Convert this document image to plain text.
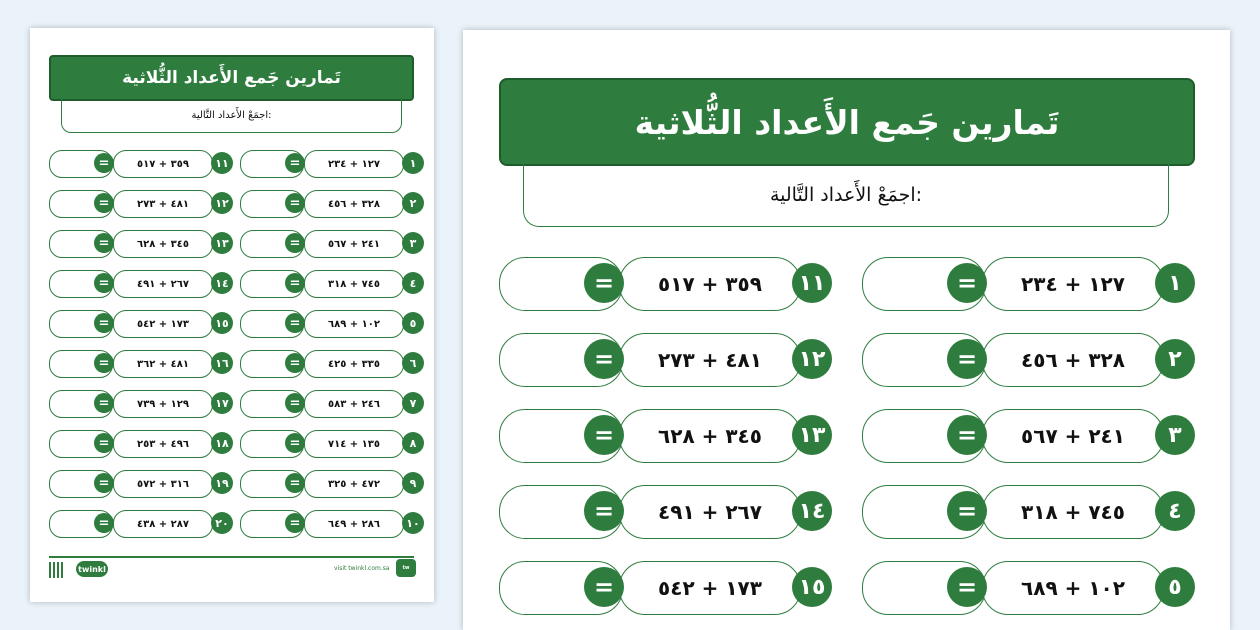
تَمارين جَمع الأَعداد الثُّلاثية
اجمَعْ الأَعداد التَّالية:
١٢٧ + ٢٣٤
=	١
٣٢٨ + ٤٥٦
=	٢
٢٤١ + ٥٦٧
=	٣
٧٤٥ + ٣١٨
=	٤
١٠٢ + ٦٨٩
=	٥
٣٣٥ + ٤٢٥
=	٦
٢٤٦ + ٥٨٣
=	٧
١٣٥ + ٧١٤
=	٨
٤٧٢ + ٣٢٥
=	٩
٢٨٦ + ٦٤٩
=	١٠
٣٥٩ + ٥١٧
=	١١
٤٨١ + ٢٧٣
=	١٢
٣٤٥ + ٦٢٨
=	١٣
٢٦٧ + ٤٩١
=	١٤
١٧٣ + ٥٤٢
=	١٥
٤٨١ + ٣٦٢
=	١٦
١٢٩ + ٧٣٩
=	١٧
٤٩٦ + ٢٥٣
=	١٨
٣١٦ + ٥٧٢
=	١٩
٢٨٧ + ٤٣٨
=	٢٠
twinkl	visit twinkl.com.sa	tw
تَمارين جَمع الأَعداد الثُّلاثية
اجمَعْ الأَعداد التَّالية:
١٢٧ + ٢٣٤
=	١
٣٢٨ + ٤٥٦
=	٢
٢٤١ + ٥٦٧
=	٣
٧٤٥ + ٣١٨
=	٤
١٠٢ + ٦٨٩
=	٥
٣٥٩ + ٥١٧
=	١١
٤٨١ + ٢٧٣
=	١٢
٣٤٥ + ٦٢٨
=	١٣
٢٦٧ + ٤٩١
=	١٤
١٧٣ + ٥٤٢
=	١٥
